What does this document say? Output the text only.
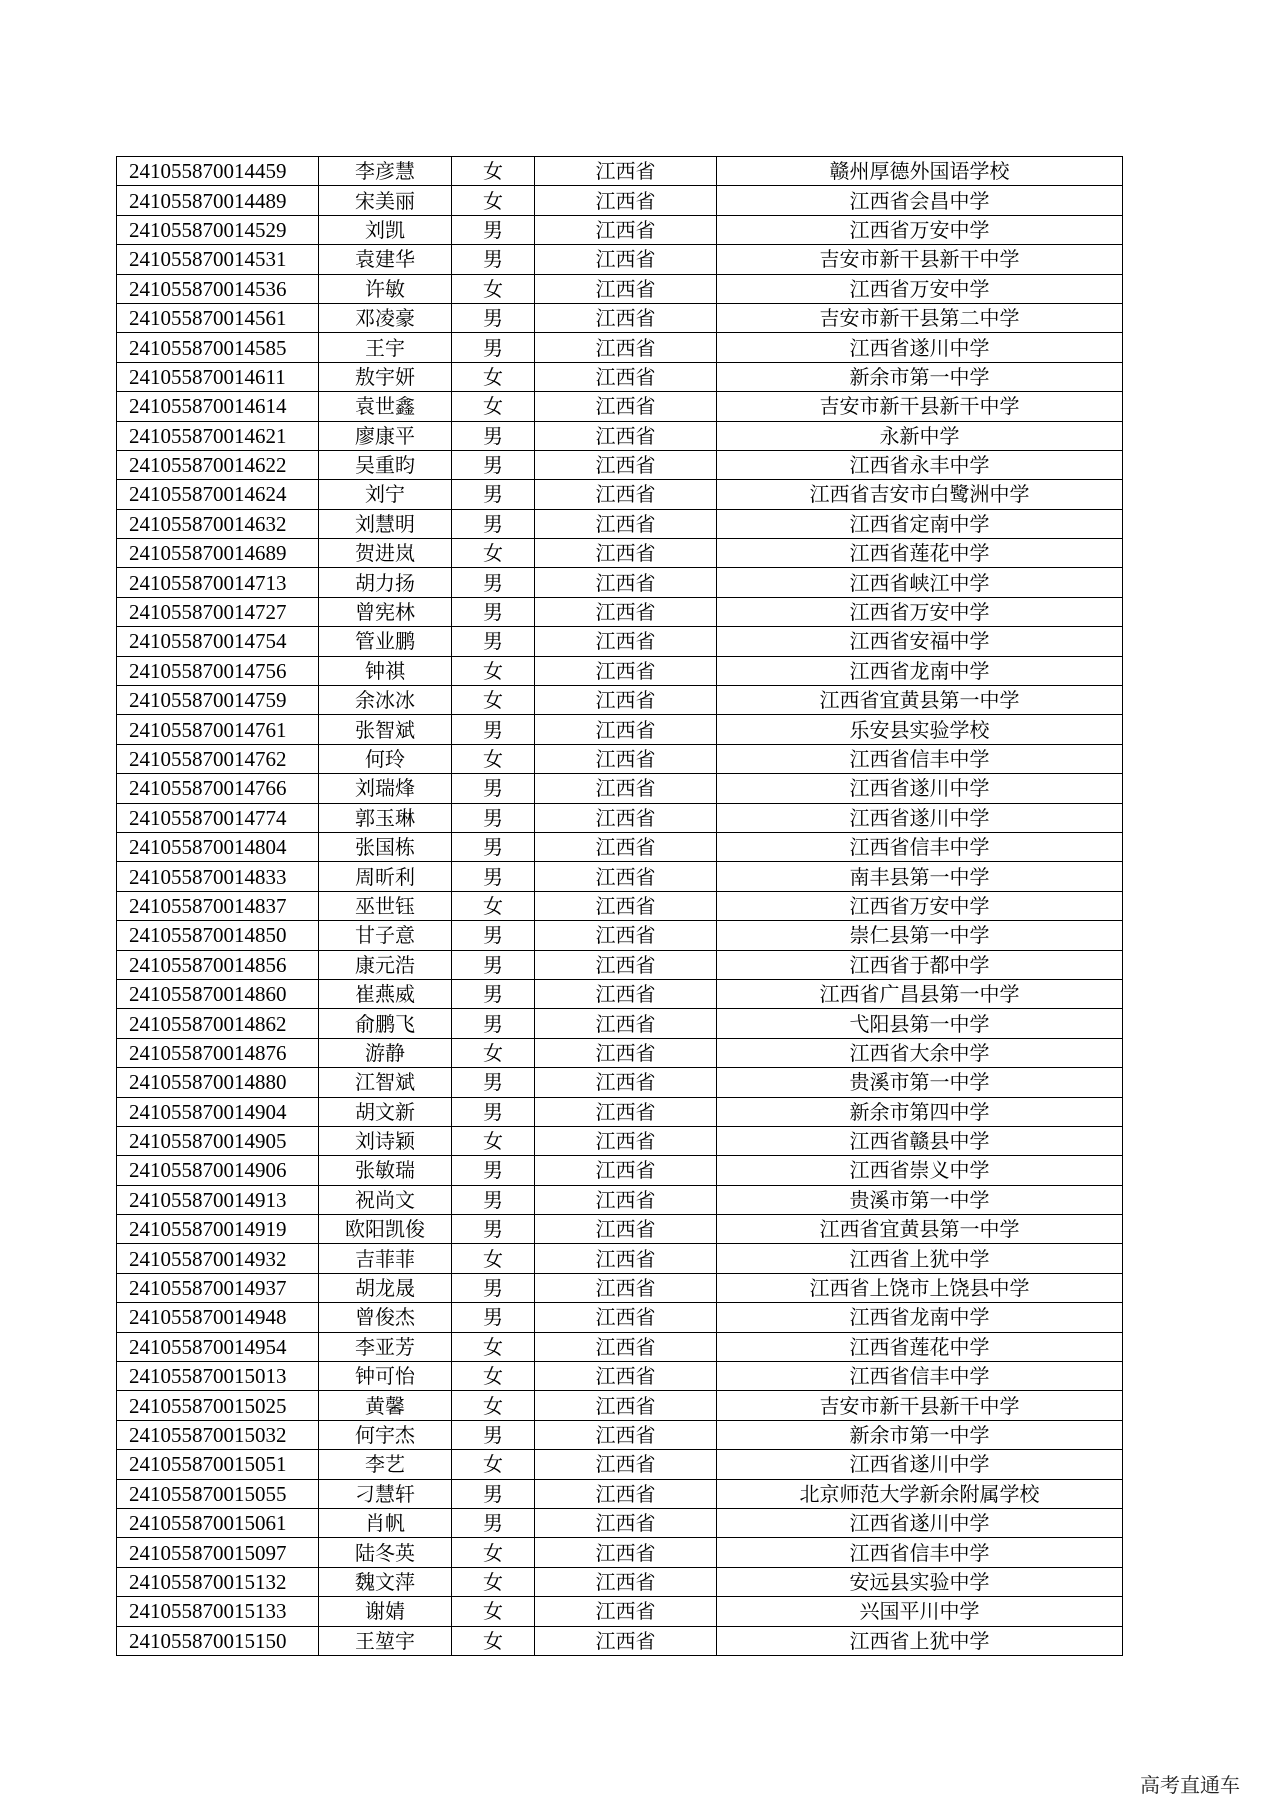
241055870014459	李彦慧	女	江西省	赣州厚德外国语学校
241055870014489	宋美丽	女	江西省	江西省会昌中学
241055870014529	刘凯	男	江西省	江西省万安中学
241055870014531	袁建华	男	江西省	吉安市新干县新干中学
241055870014536	许敏	女	江西省	江西省万安中学
241055870014561	邓凌豪	男	江西省	吉安市新干县第二中学
241055870014585	王宇	男	江西省	江西省遂川中学
241055870014611	敖宇妍	女	江西省	新余市第一中学
241055870014614	袁世鑫	女	江西省	吉安市新干县新干中学
241055870014621	廖康平	男	江西省	永新中学
241055870014622	吴重昀	男	江西省	江西省永丰中学
241055870014624	刘宁	男	江西省	江西省吉安市白鹭洲中学
241055870014632	刘慧明	男	江西省	江西省定南中学
241055870014689	贺进岚	女	江西省	江西省莲花中学
241055870014713	胡力扬	男	江西省	江西省峡江中学
241055870014727	曾宪林	男	江西省	江西省万安中学
241055870014754	管业鹏	男	江西省	江西省安福中学
241055870014756	钟祺	女	江西省	江西省龙南中学
241055870014759	余冰冰	女	江西省	江西省宜黄县第一中学
241055870014761	张智斌	男	江西省	乐安县实验学校
241055870014762	何玲	女	江西省	江西省信丰中学
241055870014766	刘瑞烽	男	江西省	江西省遂川中学
241055870014774	郭玉琳	男	江西省	江西省遂川中学
241055870014804	张国栋	男	江西省	江西省信丰中学
241055870014833	周昕利	男	江西省	南丰县第一中学
241055870014837	巫世钰	女	江西省	江西省万安中学
241055870014850	甘子意	男	江西省	崇仁县第一中学
241055870014856	康元浩	男	江西省	江西省于都中学
241055870014860	崔燕威	男	江西省	江西省广昌县第一中学
241055870014862	俞鹏飞	男	江西省	弋阳县第一中学
241055870014876	游静	女	江西省	江西省大余中学
241055870014880	江智斌	男	江西省	贵溪市第一中学
241055870014904	胡文新	男	江西省	新余市第四中学
241055870014905	刘诗颖	女	江西省	江西省赣县中学
241055870014906	张敏瑞	男	江西省	江西省崇义中学
241055870014913	祝尚文	男	江西省	贵溪市第一中学
241055870014919	欧阳凯俊	男	江西省	江西省宜黄县第一中学
241055870014932	吉菲菲	女	江西省	江西省上犹中学
241055870014937	胡龙晟	男	江西省	江西省上饶市上饶县中学
241055870014948	曾俊杰	男	江西省	江西省龙南中学
241055870014954	李亚芳	女	江西省	江西省莲花中学
241055870015013	钟可怡	女	江西省	江西省信丰中学
241055870015025	黄馨	女	江西省	吉安市新干县新干中学
241055870015032	何宇杰	男	江西省	新余市第一中学
241055870015051	李艺	女	江西省	江西省遂川中学
241055870015055	刁慧轩	男	江西省	北京师范大学新余附属学校
241055870015061	肖帆	男	江西省	江西省遂川中学
241055870015097	陆冬英	女	江西省	江西省信丰中学
241055870015132	魏文萍	女	江西省	安远县实验中学
241055870015133	谢婧	女	江西省	兴国平川中学
241055870015150	王堃宇	女	江西省	江西省上犹中学
高考直通车
